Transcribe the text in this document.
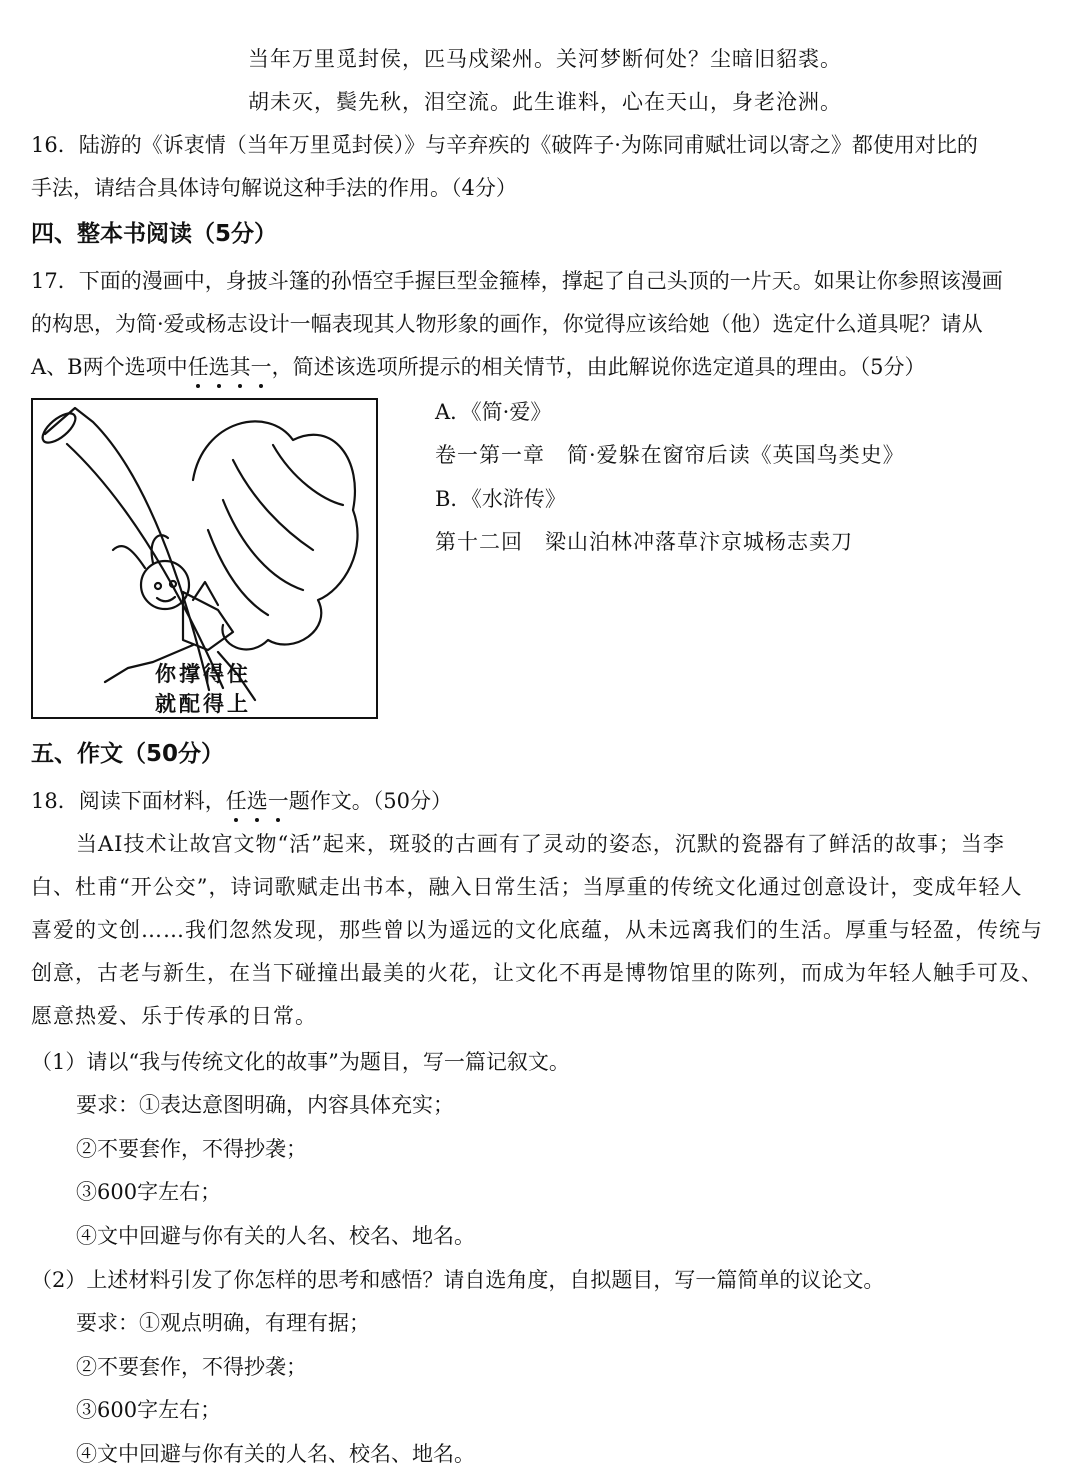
当年万里觅封侯，匹马戍梁州。关河梦断何处？尘暗旧貂裘。
胡未灭，鬓先秋，泪空流。此生谁料，心在天山，身老沧洲。
16．陆游的《诉衷情（当年万里觅封侯）》与辛弃疾的《破阵子·为陈同甫赋壮词以寄之》都使用对比的
手法，请结合具体诗句解说这种手法的作用。（4分）
四、整本书阅读（5分）
17．下面的漫画中，身披斗篷的孙悟空手握巨型金箍棒，撑起了自己头顶的一片天。如果让你参照该漫画
的构思，为简·爱或杨志设计一幅表现其人物形象的画作，你觉得应该给她（他）选定什么道具呢？请从
A、B两个选项中任选其一，简述该选项所提示的相关情节，由此解说你选定道具的理由。（5分）
你撑得住
就配得上
A．《简·爱》
卷一第一章　简·爱躲在窗帘后读《英国鸟类史》
B．《水浒传》
第十二回　梁山泊林冲落草汴京城杨志卖刀
五、作文（50分）
18．阅读下面材料，任选一题作文。（50分）
当AI技术让故宫文物“活”起来，斑驳的古画有了灵动的姿态，沉默的瓷器有了鲜活的故事；当李
白、杜甫“开公交”，诗词歌赋走出书本，融入日常生活；当厚重的传统文化通过创意设计，变成年轻人
喜爱的文创……我们忽然发现，那些曾以为遥远的文化底蕴，从未远离我们的生活。厚重与轻盈，传统与
创意，古老与新生，在当下碰撞出最美的火花，让文化不再是博物馆里的陈列，而成为年轻人触手可及、
愿意热爱、乐于传承的日常。
（1）请以“我与传统文化的故事”为题目，写一篇记叙文。
要求：①表达意图明确，内容具体充实；
②不要套作，不得抄袭；
③600字左右；
④文中回避与你有关的人名、校名、地名。
（2）上述材料引发了你怎样的思考和感悟？请自选角度，自拟题目，写一篇简单的议论文。
要求：①观点明确，有理有据；
②不要套作，不得抄袭；
③600字左右；
④文中回避与你有关的人名、校名、地名。
